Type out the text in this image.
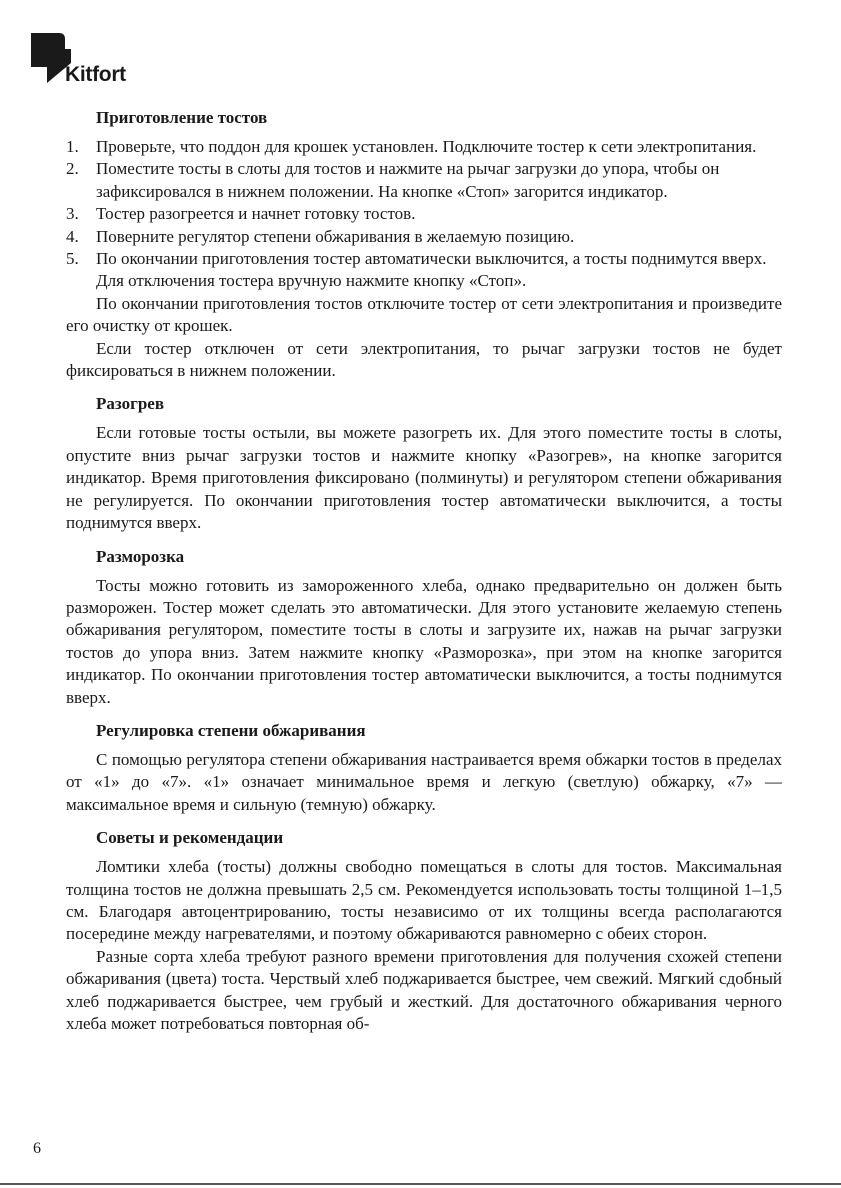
Kitfort
Приготовление тостов
1. Проверьте, что поддон для крошек установлен. Подключите тостер к сети электропитания.
2. Поместите тосты в слоты для тостов и нажмите на рычаг загрузки до упора, чтобы он зафиксировался в нижнем положении. На кнопке «Стоп» загорится индикатор.
3. Тостер разогреется и начнет готовку тостов.
4. Поверните регулятор степени обжаривания в желаемую позицию.
5. По окончании приготовления тостер автоматически выключится, а тосты поднимутся вверх.

Для отключения тостера вручную нажмите кнопку «Стоп».

По окончании приготовления тостов отключите тостер от сети электропитания и произведите его очистку от крошек.

Если тостер отключен от сети электропитания, то рычаг загрузки тостов не будет фиксироваться в нижнем положении.

Разогрев

Если готовые тосты остыли, вы можете разогреть их. Для этого поместите тосты в слоты, опустите вниз рычаг загрузки тостов и нажмите кнопку «Разогрев», на кнопке загорится индикатор. Время приготовления фиксировано (полминуты) и регулятором степени обжаривания не регулируется. По окончании приготовления тостер автоматически выключится, а тосты поднимутся вверх.

Разморозка

Тосты можно готовить из замороженного хлеба, однако предварительно он должен быть разморожен. Тостер может сделать это автоматически. Для этого установите желаемую степень обжаривания регулятором, поместите тосты в слоты и загрузите их, нажав на рычаг загрузки тостов до упора вниз. Затем нажмите кнопку «Разморозка», при этом на кнопке загорится индикатор. По окончании приготовления тостер автоматически выключится, а тосты поднимутся вверх.

Регулировка степени обжаривания

С помощью регулятора степени обжаривания настраивается время обжарки тостов в пределах от «1» до «7». «1» означает минимальное время и легкую (светлую) обжарку, «7» — максимальное время и сильную (темную) обжарку.

Советы и рекомендации

Ломтики хлеба (тосты) должны свободно помещаться в слоты для тостов. Максимальная толщина тостов не должна превышать 2,5 см. Рекомендуется использовать тосты толщиной 1–1,5 см. Благодаря автоцентрированию, тосты независимо от их толщины всегда располагаются посередине между нагревателями, и поэтому обжариваются равномерно с обеих сторон.

Разные сорта хлеба требуют разного времени приготовления для получения схожей степени обжаривания (цвета) тоста. Черствый хлеб поджаривается быстрее, чем свежий. Мягкий сдобный хлеб поджаривается быстрее, чем грубый и жесткий. Для достаточного обжаривания черного хлеба может потребоваться повторная об-

6
